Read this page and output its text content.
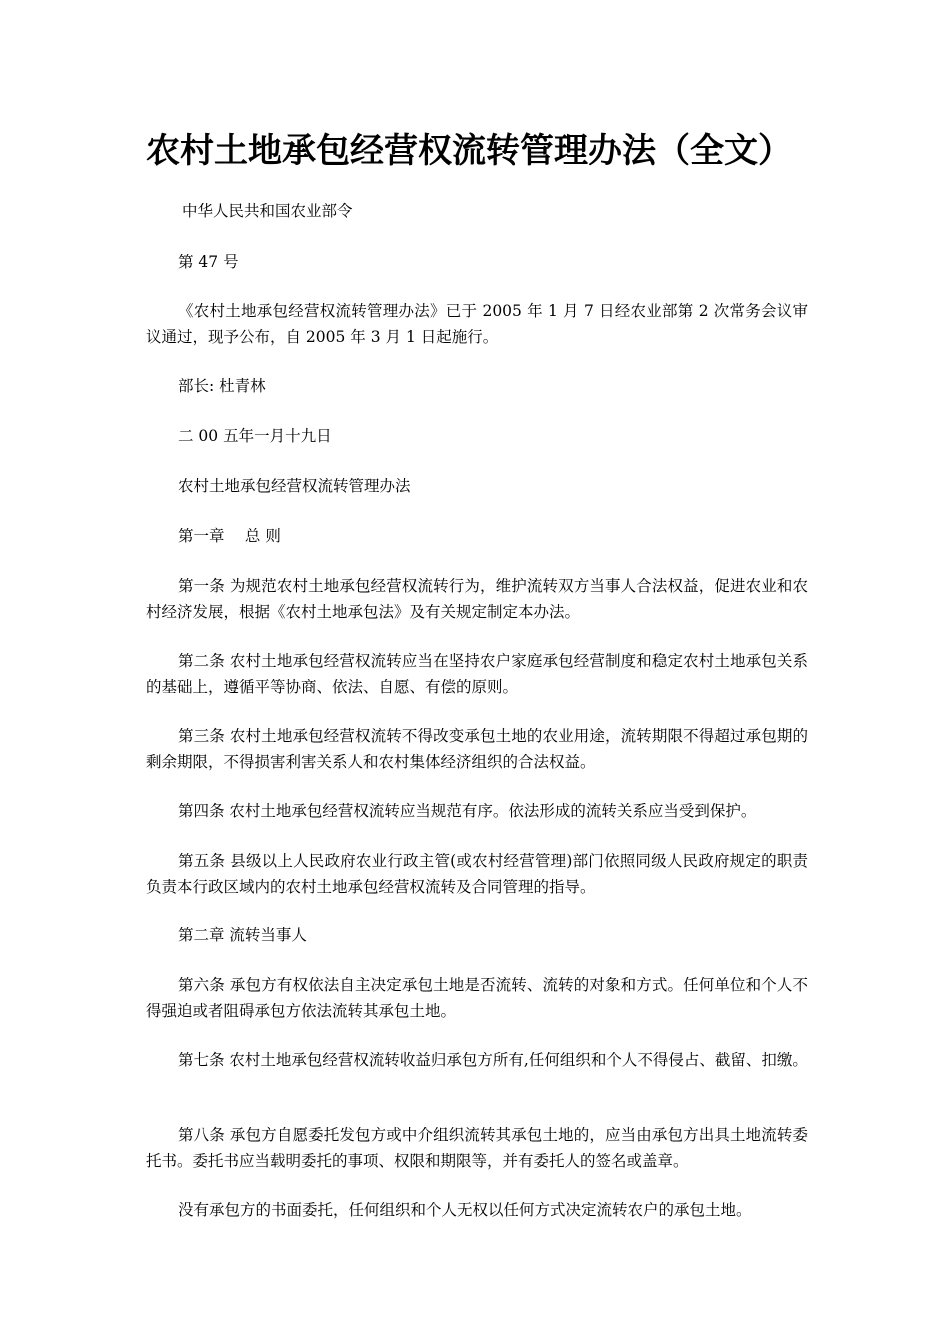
农村土地承包经营权流转管理办法（全文）

中华人民共和国农业部令

第 47 号

《农村土地承包经营权流转管理办法》已于 2005 年 1 月 7 日经农业部第 2 次常务会议审议通过，现予公布，自 2005 年 3 月 1 日起施行。

部长: 杜青林

二 00 五年一月十九日

农村土地承包经营权流转管理办法

第一章　 总 则

第一条 为规范农村土地承包经营权流转行为，维护流转双方当事人合法权益，促进农业和农村经济发展，根据《农村土地承包法》及有关规定制定本办法。

第二条 农村土地承包经营权流转应当在坚持农户家庭承包经营制度和稳定农村土地承包关系的基础上，遵循平等协商、依法、自愿、有偿的原则。

第三条 农村土地承包经营权流转不得改变承包土地的农业用途，流转期限不得超过承包期的剩余期限，不得损害利害关系人和农村集体经济组织的合法权益。

第四条 农村土地承包经营权流转应当规范有序。依法形成的流转关系应当受到保护。

第五条 县级以上人民政府农业行政主管(或农村经营管理)部门依照同级人民政府规定的职责负责本行政区域内的农村土地承包经营权流转及合同管理的指导。

第二章 流转当事人

第六条 承包方有权依法自主决定承包土地是否流转、流转的对象和方式。任何单位和个人不得强迫或者阻碍承包方依法流转其承包土地。

第七条 农村土地承包经营权流转收益归承包方所有,任何组织和个人不得侵占、截留、扣缴。

第八条 承包方自愿委托发包方或中介组织流转其承包土地的，应当由承包方出具土地流转委托书。委托书应当载明委托的事项、权限和期限等，并有委托人的签名或盖章。

没有承包方的书面委托，任何组织和个人无权以任何方式决定流转农户的承包土地。
